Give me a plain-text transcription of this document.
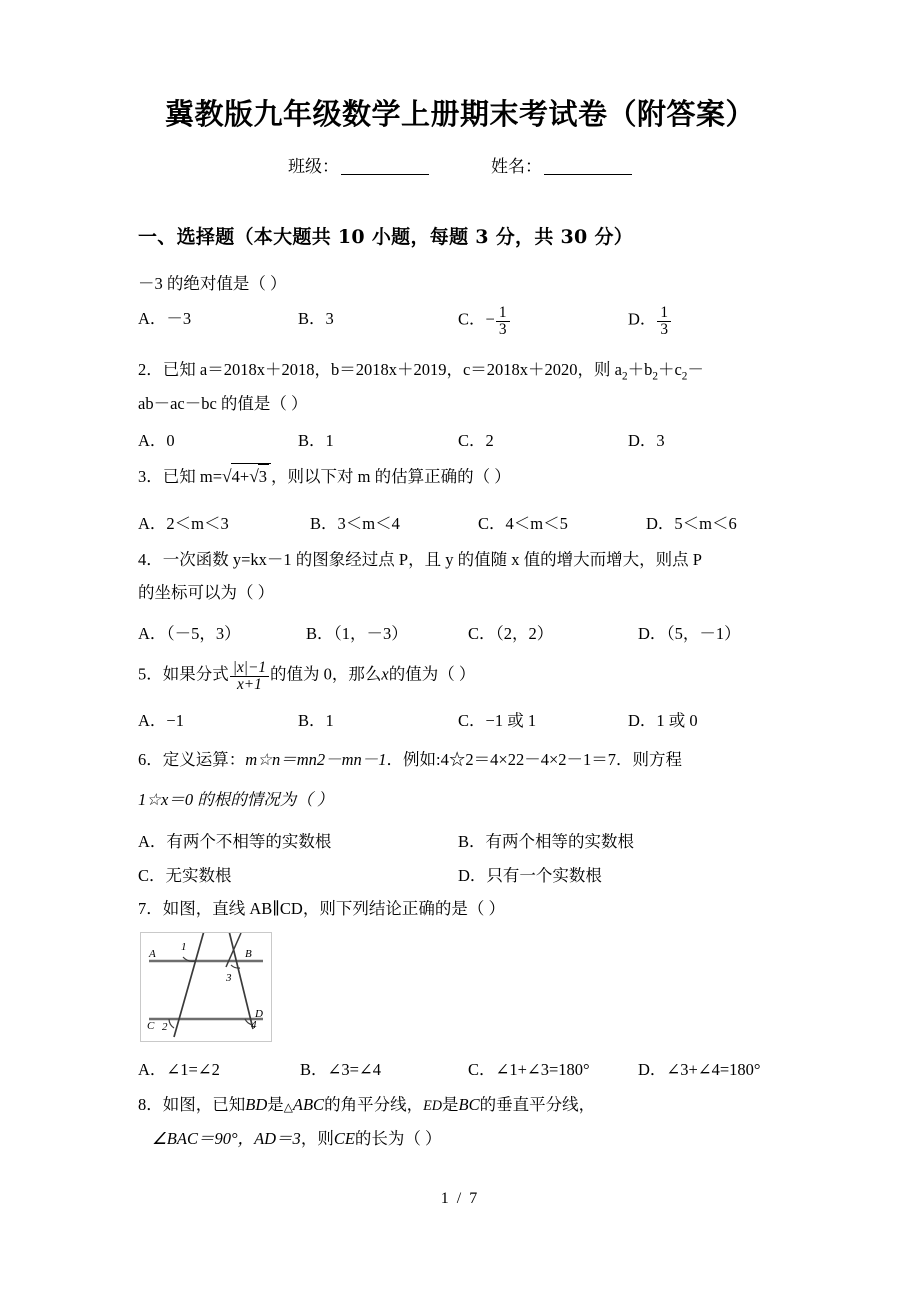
冀教版九年级数学上册期末考试卷（附答案）
班级：	姓名：
一、选择题（本大题共 10 小题，每题 3 分，共 30 分）
－3 的绝对值是（ ）
A．－3	B．3	C．− $\frac{1}{3}$	D． $\frac{1}{3}$
2．已知 a＝2018x＋2018，b＝2018x＋2019，c＝2018x＋2020，则 $a_2+b_2+c_2-$
ab－ac－bc 的值是（ ）
A．0	B．1	C．2	D．3
3．已知 m=√4+√3 ，则以下对 m 的估算正确的（ ）
A．2＜m＜3	B．3＜m＜4	C．4＜m＜5	D．5＜m＜6
4．一次函数 y=kx－1 的图象经过点 P，且 y 的值随 x 值的增大而增大，则点 P
的坐标可以为（ ）
A．（－5，3）	B．（1，－3）	C．（2，2）	D．（5，－1）
5．如果分式 $\frac{|x|-1}{x+1}$ 的值为 0，那么x的值为（ ）
A．−1	B．1	C．−1 或 1	D．1 或 0
6．定义运算：m☆n＝mn2－mn－1．例如:4☆2＝4×22－4×2－1＝7．则方程
1☆x＝0 的根的情况为（ ）
A．有两个不相等的实数根	B．有两个相等的实数根
C．无实数根	D．只有一个实数根
7．如图，直线 AB∥CD，则下列结论正确的是（ ）
A	B
C
D
1
2
3
4
A．∠1=∠2	B．∠3=∠4	C．∠1+∠3=180°	D．∠3+∠4=180°
8．如图，已知BD是△ABC的角平分线，ED是BC的垂直平分线，
∠BAC＝90°，AD＝3，则CE的长为（ ）
1 / 7
